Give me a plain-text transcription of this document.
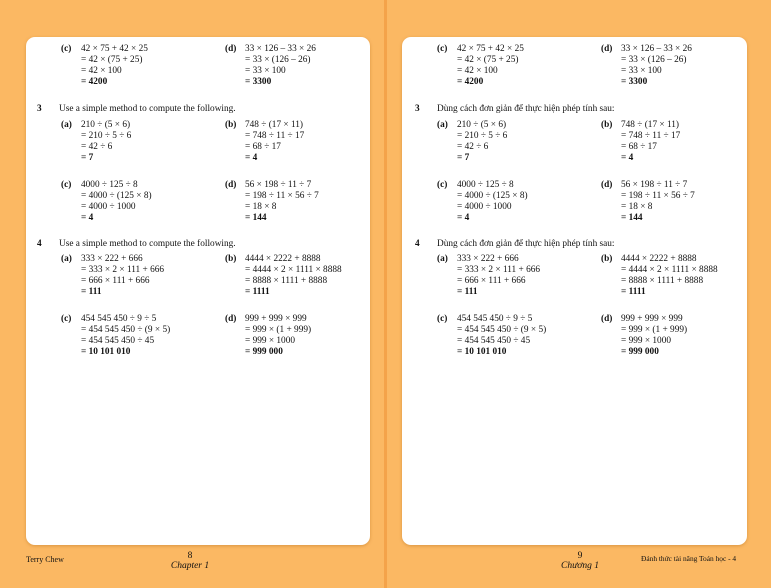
(c) 42 × 75 + 42 × 25
= 42 × (75 + 25)
= 42 × 100
= 4200
(d) 33 × 126 – 33 × 26
= 33 × (126 – 26)
= 33 × 100
= 3300
3 Use a simple method to compute the following.
(a) 210 ÷ (5 × 6)
= 210 ÷ 5 ÷ 6
= 42 ÷ 6
= 7
(b) 748 ÷ (17 × 11)
= 748 ÷ 11 ÷ 17
= 68 ÷ 17
= 4
(c) 4000 ÷ 125 ÷ 8
= 4000 ÷ (125 × 8)
= 4000 ÷ 1000
= 4
(d) 56 × 198 ÷ 11 ÷ 7
= 198 ÷ 11 × 56 ÷ 7
= 18 × 8
= 144
4 Use a simple method to compute the following.
(a) 333 × 222 + 666
= 333 × 2 × 111 + 666
= 666 × 111 + 666
= 111
(b) 4444 × 2222 + 8888
= 4444 × 2 × 1111 × 8888
= 8888 × 1111 + 8888
= 1111
(c) 454 545 450 ÷ 9 ÷ 5
= 454 545 450 ÷ (9 × 5)
= 454 545 450 ÷ 45
= 10 101 010
(d) 999 + 999 × 999
= 999 × (1 + 999)
= 999 × 1000
= 999 000
(c) 42 × 75 + 42 × 25
= 42 × (75 + 25)
= 42 × 100
= 4200
(d) 33 × 126 – 33 × 26
= 33 × (126 – 26)
= 33 × 100
= 3300
3 Dùng cách đơn giản để thực hiện phép tính sau:
(a) 210 ÷ (5 × 6)
= 210 ÷ 5 ÷ 6
= 42 ÷ 6
= 7
(b) 748 ÷ (17 × 11)
= 748 ÷ 11 ÷ 17
= 68 ÷ 17
= 4
(c) 4000 ÷ 125 ÷ 8
= 4000 ÷ (125 × 8)
= 4000 ÷ 1000
= 4
(d) 56 × 198 ÷ 11 ÷ 7
= 198 ÷ 11 × 56 ÷ 7
= 18 × 8
= 144
4 Dùng cách đơn giản để thực hiện phép tính sau:
(a) 333 × 222 + 666
= 333 × 2 × 111 + 666
= 666 × 111 + 666
= 111
(b) 4444 × 2222 + 8888
= 4444 × 2 × 1111 × 8888
= 8888 × 1111 + 8888
= 1111
(c) 454 545 450 ÷ 9 ÷ 5
= 454 545 450 ÷ (9 × 5)
= 454 545 450 ÷ 45
= 10 101 010
(d) 999 + 999 × 999
= 999 × (1 + 999)
= 999 × 1000
= 999 000
Terry Chew	8
Chapter 1
9
Chương 1
Đánh thức tài năng Toán học - 4
